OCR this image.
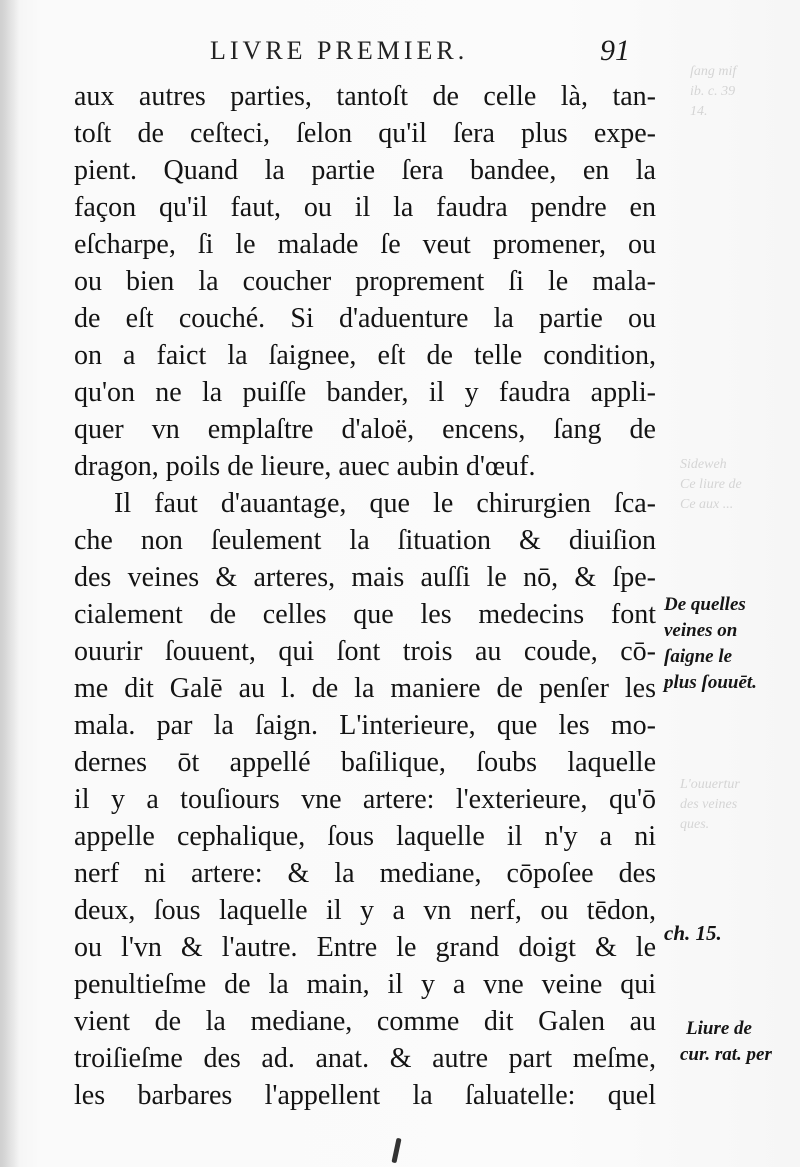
ſang mif
ib. c. 39
14.
Sideweh
Ce liure de
Ce aux ...
L'ouuertur
des veines
ques.
LIVRE PREMIER.	91
aux autres parties, tantoſt de celle là, tan-
toſt de ceſteci, ſelon qu'il ſera plus expe-
pient. Quand la partie ſera bandee, en la
façon qu'il faut, ou il la faudra pendre en
eſcharpe, ſi le malade ſe veut promener, ou
ou bien la coucher proprement ſi le mala-
de eſt couché. Si d'aduenture la partie ou
on a faict la ſaignee, eſt de telle condition,
qu'on ne la puiſſe bander, il y faudra appli-
quer vn emplaſtre d'aloë, encens, ſang de
dragon, poils de lieure, auec aubin d'œuf.
Il faut d'auantage, que le chirurgien ſca-
che non ſeulement la ſituation & diuiſion
des veines & arteres, mais auſſi le nō, & ſpe-
cialement de celles que les medecins font
ouurir ſouuent, qui ſont trois au coude, cō-
me dit Galē au l. de la maniere de penſer les
mala. par la ſaign. L'interieure, que les mo-
dernes ōt appellé baſilique, ſoubs laquelle
il y a touſiours vne artere: l'exterieure, qu'ō
appelle cephalique, ſous laquelle il n'y a ni
nerf ni artere: & la mediane, cōpoſee des
deux, ſous laquelle il y a vn nerf, ou tēdon,
ou l'vn & l'autre. Entre le grand doigt & le
penultieſme de la main, il y a vne veine qui
vient de la mediane, comme dit Galen au
troiſieſme des ad. anat. & autre part meſme,
les barbares l'appellent la ſaluatelle: quel
De quelles
veines on
ſaigne le
plus ſouuēt.
ch. 15.
Liure de
cur. rat. per
